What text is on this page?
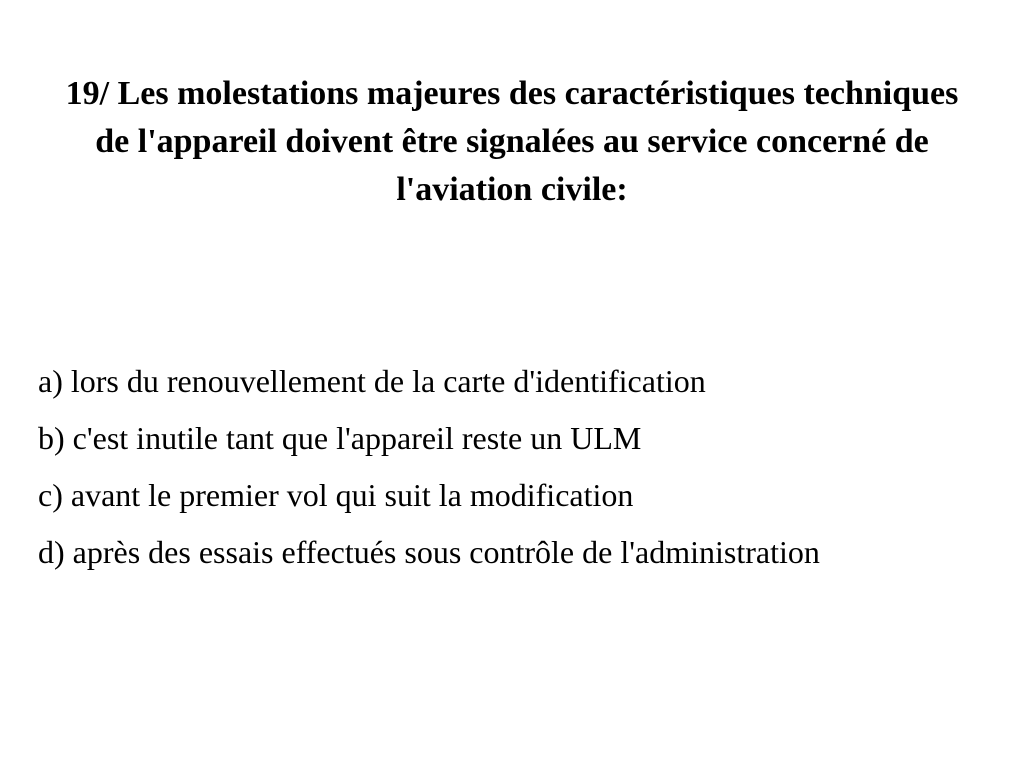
19/ Les molestations majeures des caractéristiques techniques de l'appareil doivent être signalées au service concerné de l'aviation civile:
a) lors du renouvellement de la carte d'identification
b) c'est inutile tant que l'appareil reste un ULM
c) avant le premier vol qui suit la modification
d) après des essais effectués sous contrôle de l'administration
